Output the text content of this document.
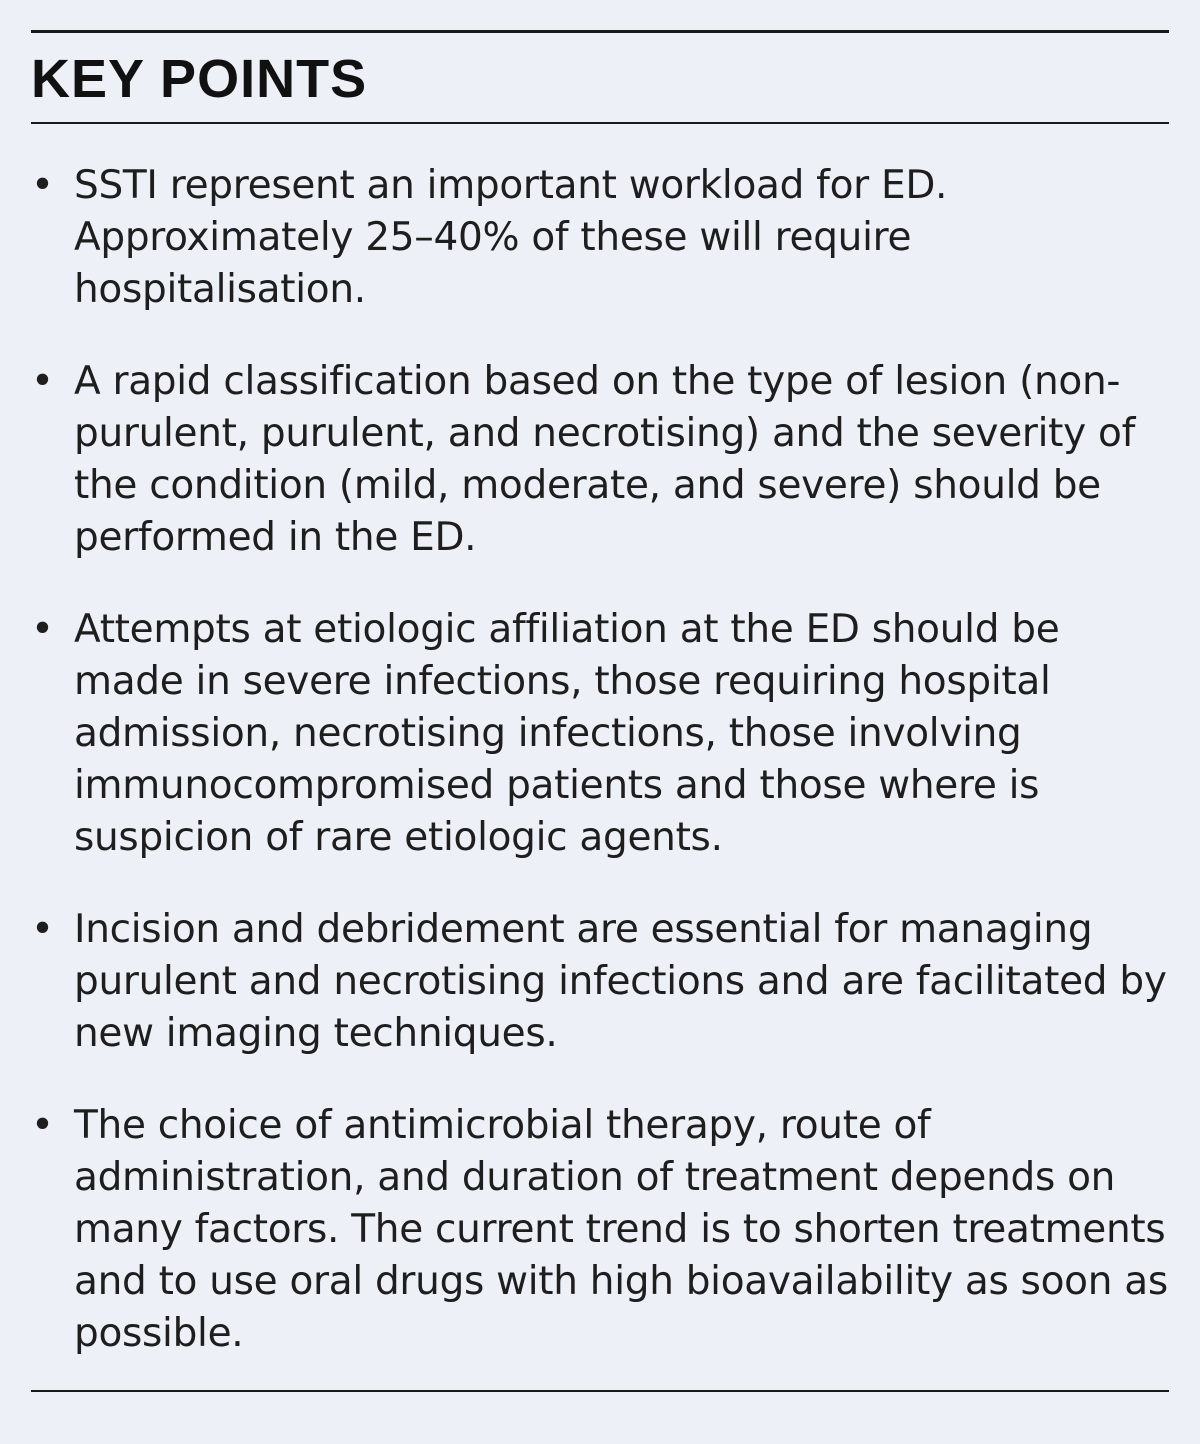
KEY POINTS
• SSTI represent an important workload for ED. Approximately 25–40% of these will require hospitalisation.
• A rapid classification based on the type of lesion (non-purulent, purulent, and necrotising) and the severity of the condition (mild, moderate, and severe) should be performed in the ED.
• Attempts at etiologic affiliation at the ED should be made in severe infections, those requiring hospital admission, necrotising infections, those involving immunocompromised patients and those where is suspicion of rare etiologic agents.
• Incision and debridement are essential for managing purulent and necrotising infections and are facilitated by new imaging techniques.
• The choice of antimicrobial therapy, route of administration, and duration of treatment depends on many factors. The current trend is to shorten treatments and to use oral drugs with high bioavailability as soon as possible.
